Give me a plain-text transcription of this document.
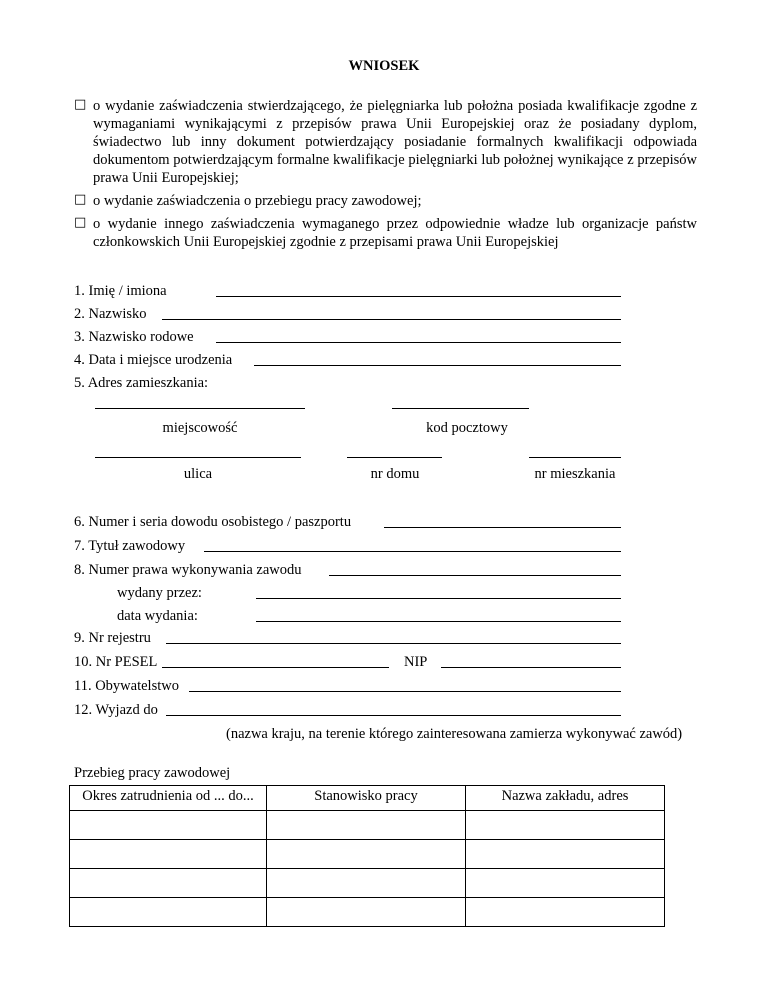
WNIOSEK
□ o wydanie zaświadczenia stwierdzającego, że pielęgniarka lub położna posiada kwalifikacje zgodne z wymaganiami wynikającymi z przepisów prawa Unii Europejskiej oraz że posiadany dyplom, świadectwo lub inny dokument potwierdzający posiadanie formalnych kwalifikacji odpowiada dokumentom potwierdzającym formalne kwalifikacje pielęgniarki lub położnej wynikające z przepisów prawa Unii Europejskiej;
□ o wydanie zaświadczenia o przebiegu pracy zawodowej;
□ o wydanie innego zaświadczenia wymaganego przez odpowiednie władze lub organizacje państw członkowskich Unii Europejskiej zgodnie z przepisami prawa Unii Europejskiej
1. Imię / imiona
2. Nazwisko
3. Nazwisko rodowe
4. Data i miejsce urodzenia
5. Adres zamieszkania:
miejscowość	kod pocztowy
ulica	nr domu	nr mieszkania
6. Numer i seria dowodu osobistego / paszportu
7. Tytuł zawodowy
8. Numer prawa wykonywania zawodu
wydany przez:
data wydania:
9. Nr rejestru
10. Nr PESEL	NIP
11. Obywatelstwo
12. Wyjazd do
(nazwa kraju, na terenie którego zainteresowana zamierza wykonywać zawód)
Przebieg pracy zawodowej
Okres zatrudnienia od ... do...	Stanowisko pracy	Nazwa zakładu, adres
